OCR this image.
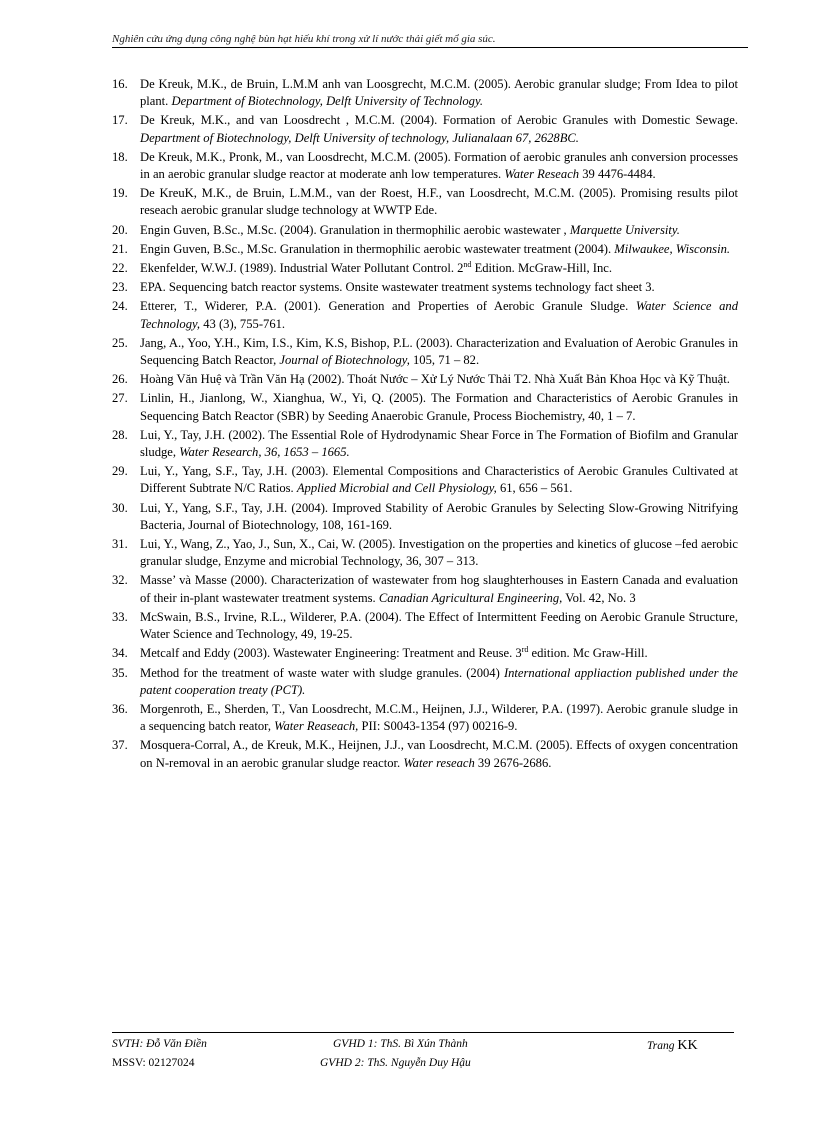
Nghiên cứu ứng dụng công nghệ bùn hạt hiếu khí trong xử lí nước thải giết mổ gia súc.
16. De Kreuk, M.K., de Bruin, L.M.M anh van Loosgrecht, M.C.M. (2005). Aerobic granular sludge; From Idea to pilot plant. Department of Biotechnology, Delft University of Technology.
17. De Kreuk, M.K., and van Loosdrecht , M.C.M. (2004). Formation of Aerobic Granules with Domestic Sewage. Department of Biotechnology, Delft University of technology, Julianalaan 67, 2628BC.
18. De Kreuk, M.K., Pronk, M., van Loosdrecht, M.C.M. (2005). Formation of aerobic granules anh conversion processes in an aerobic granular sludge reactor at moderate anh low temperatures. Water Reseach 39 4476-4484.
19. De KreuK, M.K., de Bruin, L.M.M., van der Roest, H.F., van Loosdrecht, M.C.M. (2005). Promising results pilot reseach aerobic granular sludge technology at WWTP Ede.
20. Engin Guven, B.Sc., M.Sc. (2004). Granulation in thermophilic aerobic wastewater , Marquette University.
21. Engin Guven, B.Sc., M.Sc. Granulation in thermophilic aerobic wastewater treatment (2004). Milwaukee, Wisconsin.
22. Ekenfelder, W.W.J. (1989). Industrial Water Pollutant Control. 2nd Edition. McGraw-Hill, Inc.
23. EPA. Sequencing batch reactor systems. Onsite wastewater treatment systems technology fact sheet 3.
24. Etterer, T., Widerer, P.A. (2001). Generation and Properties of Aerobic Granule Sludge. Water Science and Technology, 43 (3), 755-761.
25. Jang, A., Yoo, Y.H., Kim, I.S., Kim, K.S, Bishop, P.L. (2003). Characterization and Evaluation of Aerobic Granules in Sequencing Batch Reactor, Journal of Biotechnology, 105, 71 – 82.
26. Hoàng Văn Huệ và Trần Văn Hạ (2002). Thoát Nước – Xử Lý Nước Thải T2. Nhà Xuất Bản Khoa Học và Kỹ Thuật.
27. Linlin, H., Jianlong, W., Xianghua, W., Yi, Q. (2005). The Formation and Characteristics of Aerobic Granules in Sequencing Batch Reactor (SBR) by Seeding Anaerobic Granule, Process Biochemistry, 40, 1 – 7.
28. Lui, Y., Tay, J.H. (2002). The Essential Role of Hydrodynamic Shear Force in The Formation of Biofilm and Granular sludge, Water Research, 36, 1653 – 1665.
29. Lui, Y., Yang, S.F., Tay, J.H. (2003). Elemental Compositions and Characteristics of Aerobic Granules Cultivated at Different Subtrate N/C Ratios. Applied Microbial and Cell Physiology, 61, 656 – 561.
30. Lui, Y., Yang, S.F., Tay, J.H. (2004). Improved Stability of Aerobic Granules by Selecting Slow-Growing Nitrifying Bacteria, Journal of Biotechnology, 108, 161-169.
31. Lui, Y., Wang, Z., Yao, J., Sun, X., Cai, W. (2005). Investigation on the properties and kinetics of glucose –fed aerobic granular sludge, Enzyme and microbial Technology, 36, 307 – 313.
32. Masse’ và Masse (2000). Characterization of wastewater from hog slaughterhouses in Eastern Canada and evaluation of their in-plant wastewater treatment systems. Canadian Agricultural Engineering, Vol. 42, No. 3
33. McSwain, B.S., Irvine, R.L., Wilderer, P.A. (2004). The Effect of Intermittent Feeding on Aerobic Granule Structure, Water Science and Technology, 49, 19-25.
34. Metcalf and Eddy (2003). Wastewater Engineering: Treatment and Reuse. 3rd edition. Mc Graw-Hill.
35. Method for the treatment of waste water with sludge granules. (2004) International appliaction published under the patent cooperation treaty (PCT).
36. Morgenroth, E., Sherden, T., Van Loosdrecht, M.C.M., Heijnen, J.J., Wilderer, P.A. (1997). Aerobic granule sludge in a sequencing batch reator, Water Reaseach, PII: S0043-1354 (97) 00216-9.
37. Mosquera-Corral, A., de Kreuk, M.K., Heijnen, J.J., van Loosdrecht, M.C.M. (2005). Effects of oxygen concentration on N-removal in an aerobic granular sludge reactor. Water reseach 39 2676-2686.
SVTH: Đỗ Văn Điền
MSSV: 02127024
GVHD 1: ThS. Bì Xún Thành
GVHD 2: ThS. Nguyễn Duy Hậu
Trang KK
